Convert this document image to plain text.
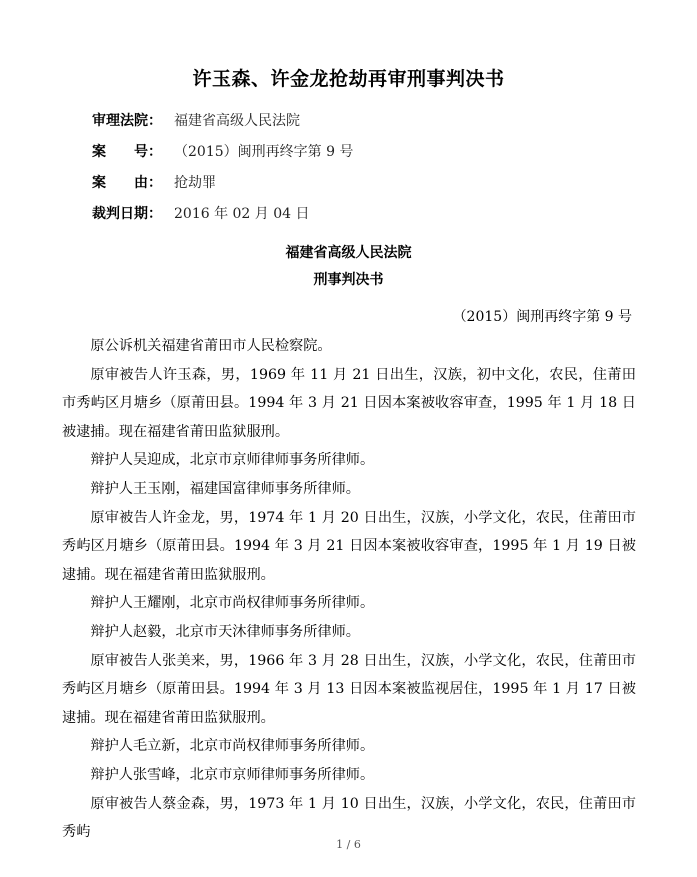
许玉森、许金龙抢劫再审刑事判决书
审理法院： 福建省高级人民法院
案　　号： （2015）闽刑再终字第 9 号
案　　由： 抢劫罪
裁判日期： 2016 年 02 月 04 日

福建省高级人民法院

刑事判决书

（2015）闽刑再终字第 9 号

原公诉机关福建省莆田市人民检察院。

原审被告人许玉森，男，1969 年 11 月 21 日出生，汉族，初中文化，农民，住莆田市秀屿区月塘乡（原莆田县。1994 年 3 月 21 日因本案被收容审查，1995 年 1 月 18 日被逮捕。现在福建省莆田监狱服刑。

辩护人吴迎成，北京市京师律师事务所律师。

辩护人王玉刚，福建国富律师事务所律师。

原审被告人许金龙，男，1974 年 1 月 20 日出生，汉族，小学文化，农民，住莆田市秀屿区月塘乡（原莆田县。1994 年 3 月 21 日因本案被收容审查，1995 年 1 月 19 日被逮捕。现在福建省莆田监狱服刑。

辩护人王耀刚，北京市尚权律师事务所律师。

辩护人赵毅，北京市天沐律师事务所律师。

原审被告人张美来，男，1966 年 3 月 28 日出生，汉族，小学文化，农民，住莆田市秀屿区月塘乡（原莆田县。1994 年 3 月 13 日因本案被监视居住，1995 年 1 月 17 日被逮捕。现在福建省莆田监狱服刑。

辩护人毛立新，北京市尚权律师事务所律师。

辩护人张雪峰，北京市京师律师事务所律师。

原审被告人蔡金森，男，1973 年 1 月 10 日出生，汉族，小学文化，农民，住莆田市秀屿

1 / 6
